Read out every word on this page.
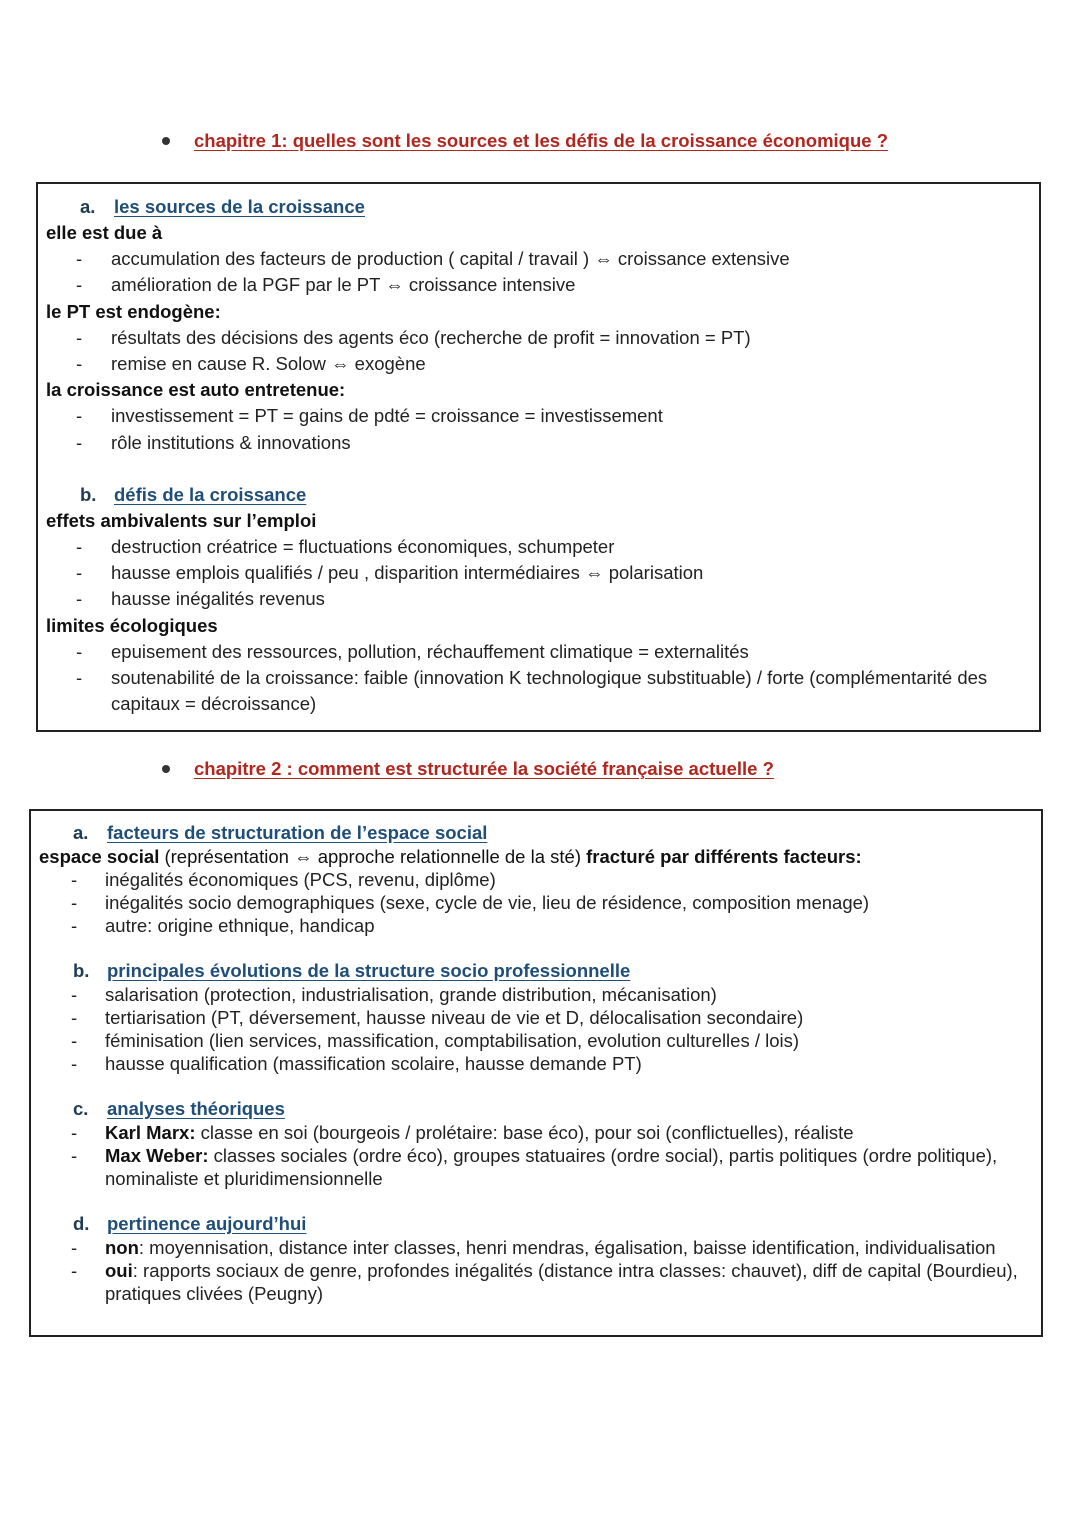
chapitre 1: quelles sont les sources et les défis de la croissance économique ?
a.	les sources de la croissance
elle est due à
- accumulation des facteurs de production ( capital / travail ) ⇔ croissance extensive
- amélioration de la PGF par le PT ⇔ croissance intensive
le PT est endogène:
- résultats des décisions des agents éco (recherche de profit = innovation = PT)
- remise en cause R. Solow ⇔ exogène
la croissance est auto entretenue:
- investissement = PT = gains de pdté = croissance = investissement
- rôle institutions & innovations
b. défis de la croissance
effets ambivalents sur l’emploi
- destruction créatrice = fluctuations économiques, schumpeter
- hausse emplois qualifiés / peu , disparition intermédiaires ⇔ polarisation
- hausse inégalités revenus
limites écologiques
- epuisement des ressources, pollution, réchauffement climatique = externalités
- soutenabilité de la croissance: faible (innovation K technologique substituable) / forte (complémentarité des capitaux = décroissance)
chapitre 2 : comment est structurée la société française actuelle ?
a.	facteurs de structuration de l’espace social
espace social (représentation ⇔ approche relationnelle de la sté) fracturé par différents facteurs:
- inégalités économiques (PCS, revenu, diplôme)
- inégalités socio demographiques (sexe, cycle de vie, lieu de résidence, composition menage)
- autre: origine ethnique, handicap
b. principales évolutions de la structure socio professionnelle
- salarisation (protection, industrialisation, grande distribution, mécanisation)
- tertiarisation (PT, déversement, hausse niveau de vie et D, délocalisation secondaire)
- féminisation (lien services, massification, comptabilisation, evolution culturelles / lois)
- hausse qualification (massification scolaire, hausse demande PT)
c.	analyses théoriques
- Karl Marx: classe en soi (bourgeois / prolétaire: base éco), pour soi (conflictuelles), réaliste
- Max Weber: classes sociales (ordre éco), groupes statuaires (ordre social), partis politiques (ordre politique), nominaliste et pluridimensionnelle
d. pertinence aujourd’hui
- non: moyennisation, distance inter classes, henri mendras, égalisation, baisse identification, individualisation
- oui: rapports sociaux de genre, profondes inégalités (distance intra classes: chauvet), diff de capital (Bourdieu), pratiques clivées (Peugny)
